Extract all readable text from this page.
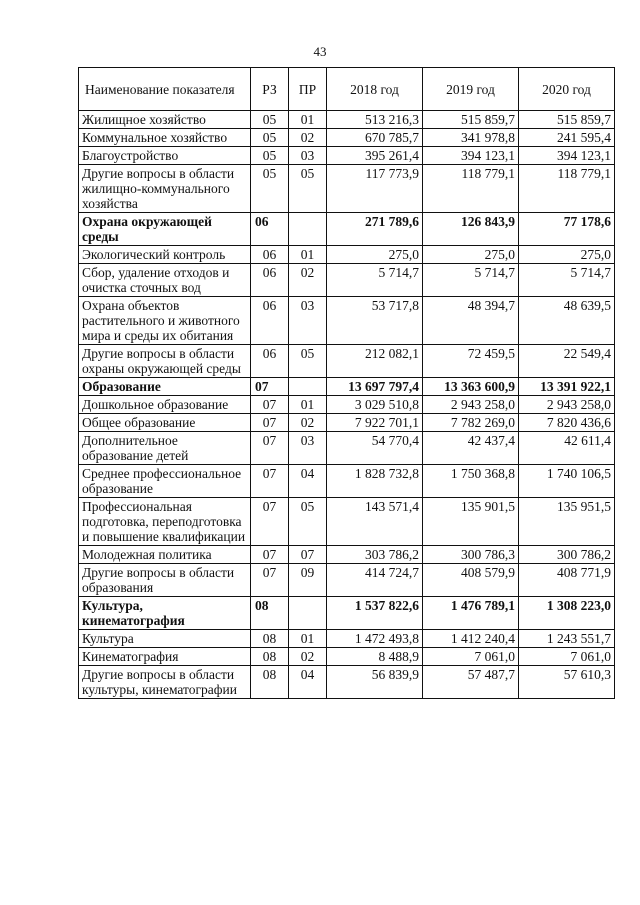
43
Наименование показателя	РЗ	ПР	2018 год	2019 год	2020 год
Жилищное хозяйство	05	01	513 216,3	515 859,7	515 859,7
Коммунальное хозяйство	05	02	670 785,7	341 978,8	241 595,4
Благоустройство	05	03	395 261,4	394 123,1	394 123,1
Другие вопросы в области жилищно-коммунального хозяйства	05	05	117 773,9	118 779,1	118 779,1
Охрана окружающей среды	06		271 789,6	126 843,9	77 178,6
Экологический контроль	06	01	275,0	275,0	275,0
Сбор, удаление отходов и очистка сточных вод	06	02	5 714,7	5 714,7	5 714,7
Охрана объектов растительного и животного мира и среды их обитания	06	03	53 717,8	48 394,7	48 639,5
Другие вопросы в области охраны окружающей среды	06	05	212 082,1	72 459,5	22 549,4
Образование	07		13 697 797,4	13 363 600,9	13 391 922,1
Дошкольное образование	07	01	3 029 510,8	2 943 258,0	2 943 258,0
Общее образование	07	02	7 922 701,1	7 782 269,0	7 820 436,6
Дополнительное образование детей	07	03	54 770,4	42 437,4	42 611,4
Среднее профессиональное образование	07	04	1 828 732,8	1 750 368,8	1 740 106,5
Профессиональная подготовка, переподготовка и повышение квалификации	07	05	143 571,4	135 901,5	135 951,5
Молодежная политика	07	07	303 786,2	300 786,3	300 786,2
Другие вопросы в области образования	07	09	414 724,7	408 579,9	408 771,9
Культура, кинематография	08		1 537 822,6	1 476 789,1	1 308 223,0
Культура	08	01	1 472 493,8	1 412 240,4	1 243 551,7
Кинематография	08	02	8 488,9	7 061,0	7 061,0
Другие вопросы в области культуры, кинематографии	08	04	56 839,9	57 487,7	57 610,3
